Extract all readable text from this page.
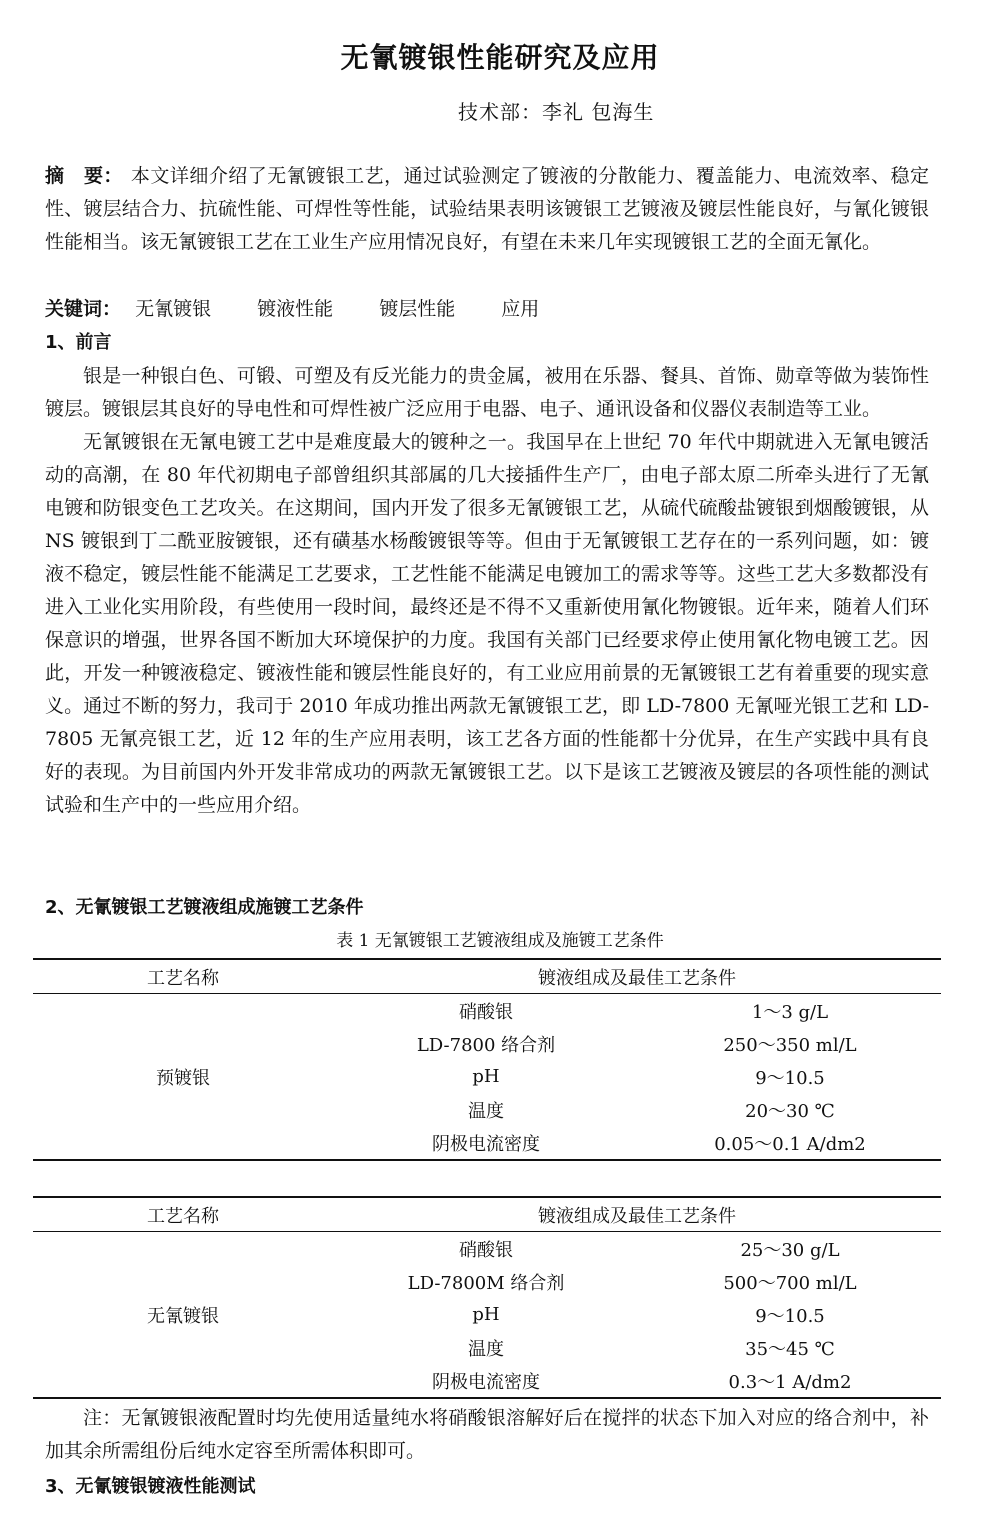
无氰镀银性能研究及应用
技术部：李礼 包海生
摘　要： 本文详细介绍了无氰镀银工艺，通过试验测定了镀液的分散能力、覆盖能力、电流效率、稳定性、镀层结合力、抗硫性能、可焊性等性能，试验结果表明该镀银工艺镀液及镀层性能良好，与氰化镀银性能相当。该无氰镀银工艺在工业生产应用情况良好，有望在未来几年实现镀银工艺的全面无氰化。
关键词： 无氰镀银 镀液性能 镀层性能 应用
1、前言

银是一种银白色、可锻、可塑及有反光能力的贵金属，被用在乐器、餐具、首饰、勋章等做为装饰性镀层。镀银层其良好的导电性和可焊性被广泛应用于电器、电子、通讯设备和仪器仪表制造等工业。

无氰镀银在无氰电镀工艺中是难度最大的镀种之一。我国早在上世纪 70 年代中期就进入无氰电镀活动的高潮，在 80 年代初期电子部曾组织其部属的几大接插件生产厂，由电子部太原二所牵头进行了无氰电镀和防银变色工艺攻关。在这期间，国内开发了很多无氰镀银工艺，从硫代硫酸盐镀银到烟酸镀银，从 NS 镀银到丁二酰亚胺镀银，还有磺基水杨酸镀银等等。但由于无氰镀银工艺存在的一系列问题，如：镀液不稳定，镀层性能不能满足工艺要求，工艺性能不能满足电镀加工的需求等等。这些工艺大多数都没有进入工业化实用阶段，有些使用一段时间，最终还是不得不又重新使用氰化物镀银。近年来，随着人们环保意识的增强，世界各国不断加大环境保护的力度。我国有关部门已经要求停止使用氰化物电镀工艺。因此，开发一种镀液稳定、镀液性能和镀层性能良好的，有工业应用前景的无氰镀银工艺有着重要的现实意义。通过不断的努力，我司于 2010 年成功推出两款无氰镀银工艺，即 LD-7800 无氰哑光银工艺和 LD-7805 无氰亮银工艺，近 12 年的生产应用表明，该工艺各方面的性能都十分优异，在生产实践中具有良好的表现。为目前国内外开发非常成功的两款无氰镀银工艺。以下是该工艺镀液及镀层的各项性能的测试试验和生产中的一些应用介绍。

2、无氰镀银工艺镀液组成施镀工艺条件
表 1 无氰镀银工艺镀液组成及施镀工艺条件
工艺名称	镀液组成及最佳工艺条件	
预镀银	硝酸银	1～3 g/L
	LD-7800 络合剂	250～350 ml/L
	pH	9～10.5
	温度	20～30 ℃
	阴极电流密度	0.05～0.1 A/dm2
工艺名称	镀液组成及最佳工艺条件	
无氰镀银	硝酸银	25～30 g/L
	LD-7800M 络合剂	500～700 ml/L
	pH	9～10.5
	温度	35～45 ℃
	阴极电流密度	0.3～1 A/dm2

注：无氰镀银液配置时均先使用适量纯水将硝酸银溶解好后在搅拌的状态下加入对应的络合剂中，补加其余所需组份后纯水定容至所需体积即可。

3、无氰镀银镀液性能测试
